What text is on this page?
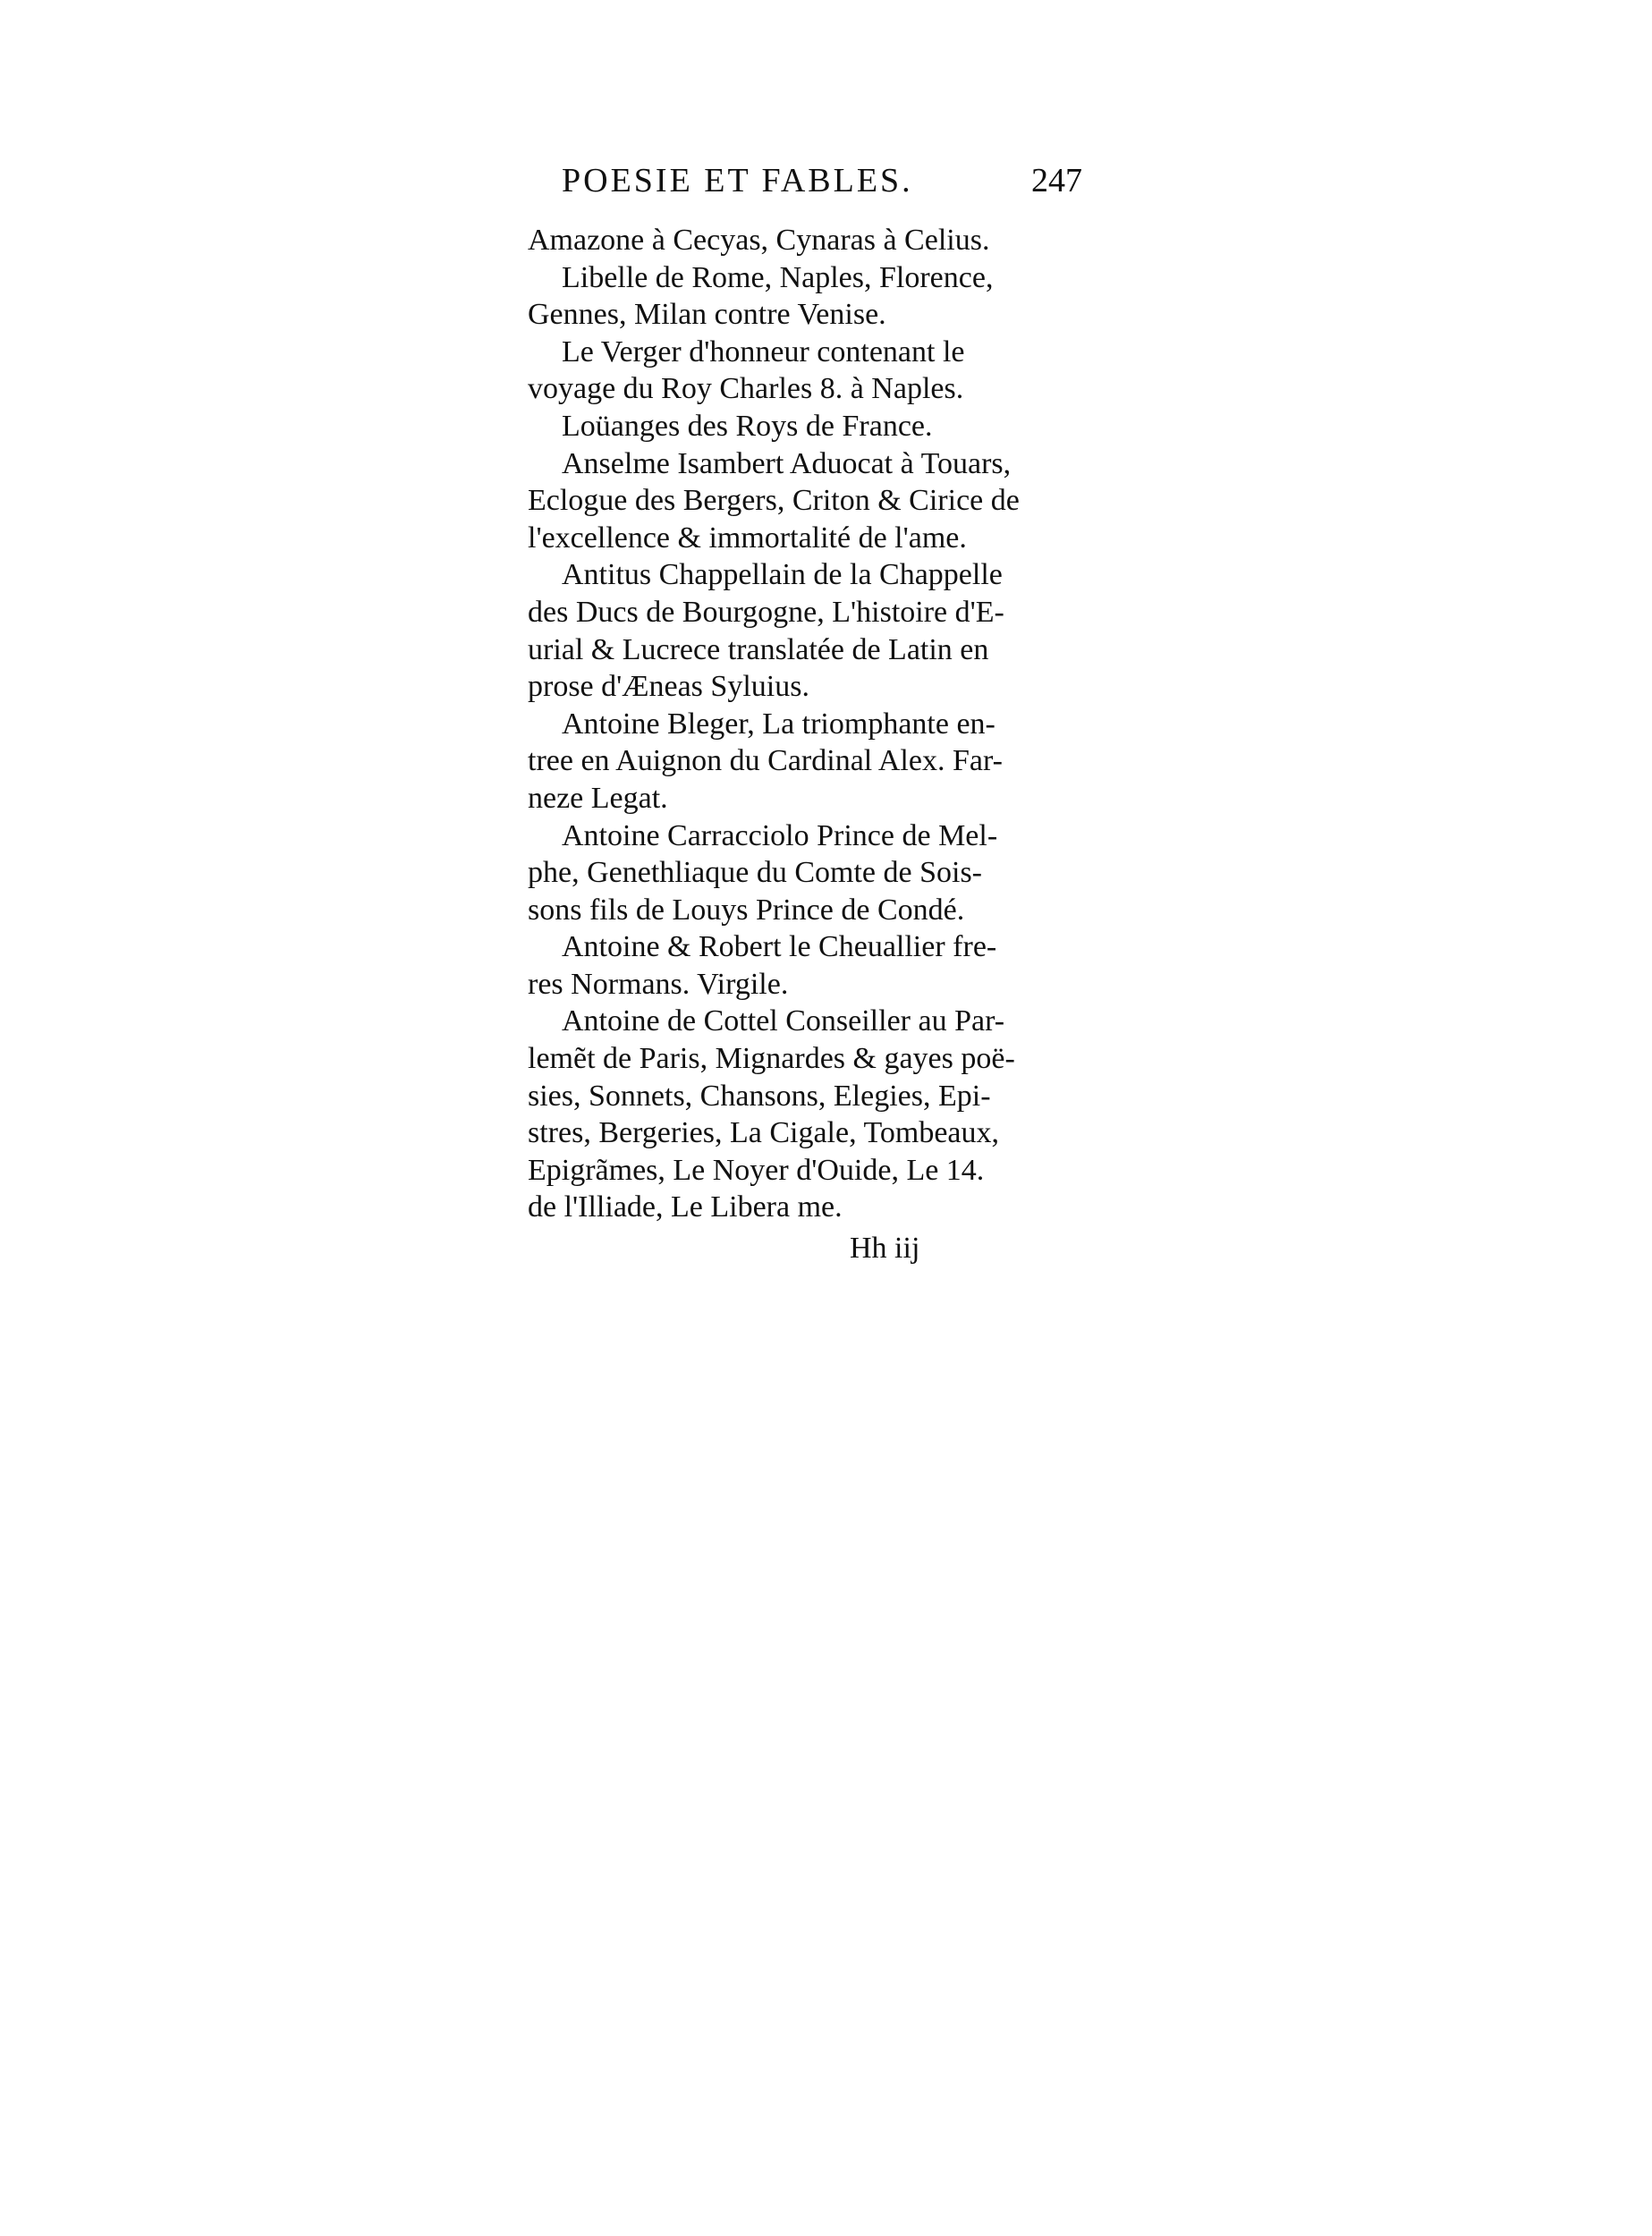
POESIE ET FABLES.	247
Amazone à Cecyas, Cynaras à Celius.
Libelle de Rome, Naples, Florence,
Gennes, Milan contre Venise.
Le Verger d'honneur contenant le
voyage du Roy Charles 8. à Naples.
Loüanges des Roys de France.
Anselme Isambert Aduocat à Touars,
Eclogue des Bergers, Criton & Cirice de
l'excellence & immortalité de l'ame.
Antitus Chappellain de la Chappelle
des Ducs de Bourgogne, L'histoire d'E-
urial & Lucrece translatée de Latin en
prose d'Æneas Syluius.
Antoine Bleger, La triomphante en-
tree en Auignon du Cardinal Alex. Far-
neze Legat.
Antoine Carracciolo Prince de Mel-
phe, Genethliaque du Comte de Sois-
sons fils de Louys Prince de Condé.
Antoine & Robert le Cheuallier fre-
res Normans. Virgile.
Antoine de Cottel Conseiller au Par-
lemẽt de Paris, Mignardes & gayes poë-
sies, Sonnets, Chansons, Elegies, Epi-
stres, Bergeries, La Cigale, Tombeaux,
Epigrãmes, Le Noyer d'Ouide, Le 14.
de l'Illiade, Le Libera me.
Hh iij
